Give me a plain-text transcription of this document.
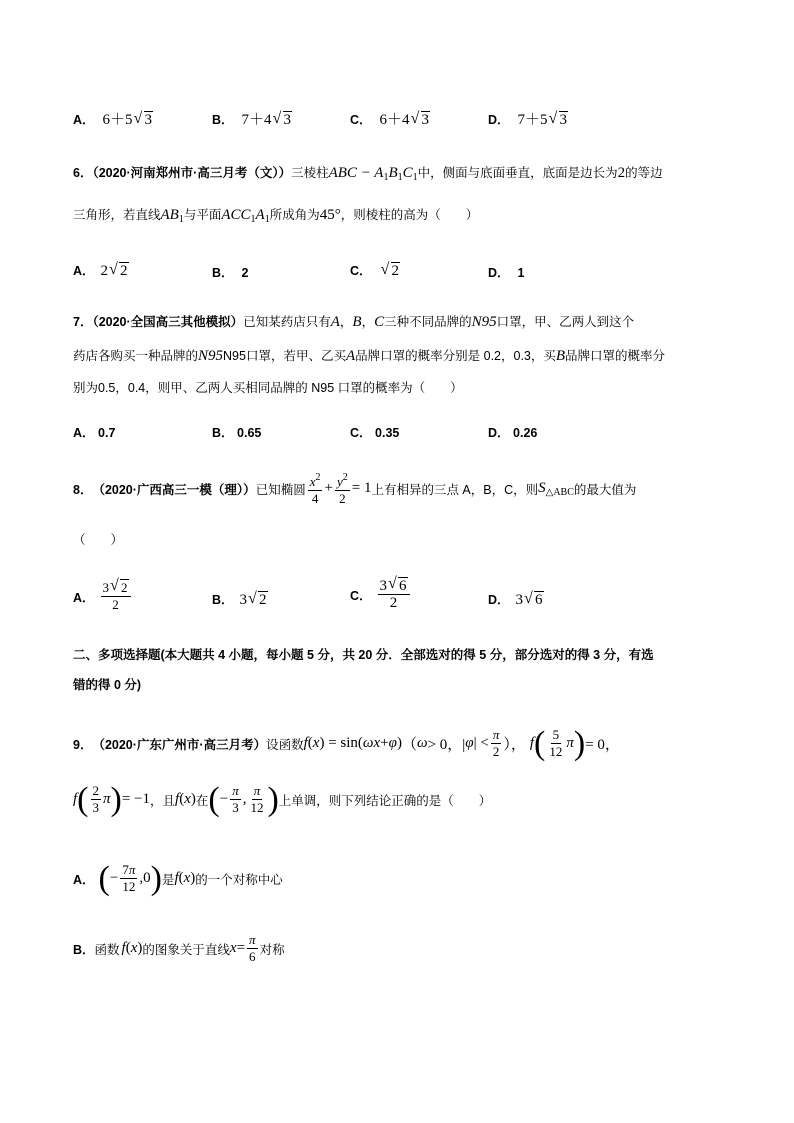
A． 6＋5 √ 3	B． 7＋4 √ 3	C． 6＋4 √ 3	D． 7＋5 √ 3
6．（2020·河南郑州市·高三月考（文））三棱柱ABC − $A_1B_1C_1$中，侧面与底面垂直，底面是边长为2的等边
三角形，若直线$AB_1$与平面$ACC_1A_1$所成角为45°，则棱柱的高为（　　）
A． 2 √ 2	B． 2	C． √ 2	D． 1
7．（2020·全国高三其他模拟）已知某药店只有A，B，C三种不同品牌的N95口罩，甲、乙两人到这个
药店各购买一种品牌的N95N95口罩，若甲、乙买A品牌口罩的概率分别是 0.2，0.3，买B品牌口罩的概率分
别为0.5，0.4，则甲、乙两人买相同品牌的 N95 口罩的概率为（　　）
A． 0.7	B． 0.65	C． 0.35	D． 0.26
8． （2020·广西高三一模（理）） 已知椭圆 $\frac{x^2}{4} + \frac{y^2}{2} = 1$ 上有相异的三点 A，B，C，则 $S_{\triangle ABC}$ 的最大值为
（　　）
A． $\frac{3 √ 2}{2}$	B． 3 √ 2	C． $\frac{3 √ 6}{2}$	D． 3 √ 6
二、多项选择题(本大题共 4 小题，每小题 5 分，共 20 分．全部选对的得 5 分，部分选对的得 3 分，有选
错的得 0 分)
9． （2020·广东广州市·高三月考） 设函数 f ( x ) = sin( ωx + φ ) （ ω > 0，| φ | < $\frac{\pi}{2}$ ）， f ( $\frac{5}{12}$ π ) = 0，
f ( $\frac{2}{3}$ π ) = −1 ，且 f ( x ) 在 ( − $\frac{\pi}{3}$ , $\frac{\pi}{12}$ ) 上单调，则下列结论正确的是（　　）
A． ( − $\frac{7\pi}{12} ,0$ ) 是 f ( x ) 的一个对称中心
B． 函数 f ( x ) 的图象关于直线 $x = \frac{\pi}{6}$ 对称
